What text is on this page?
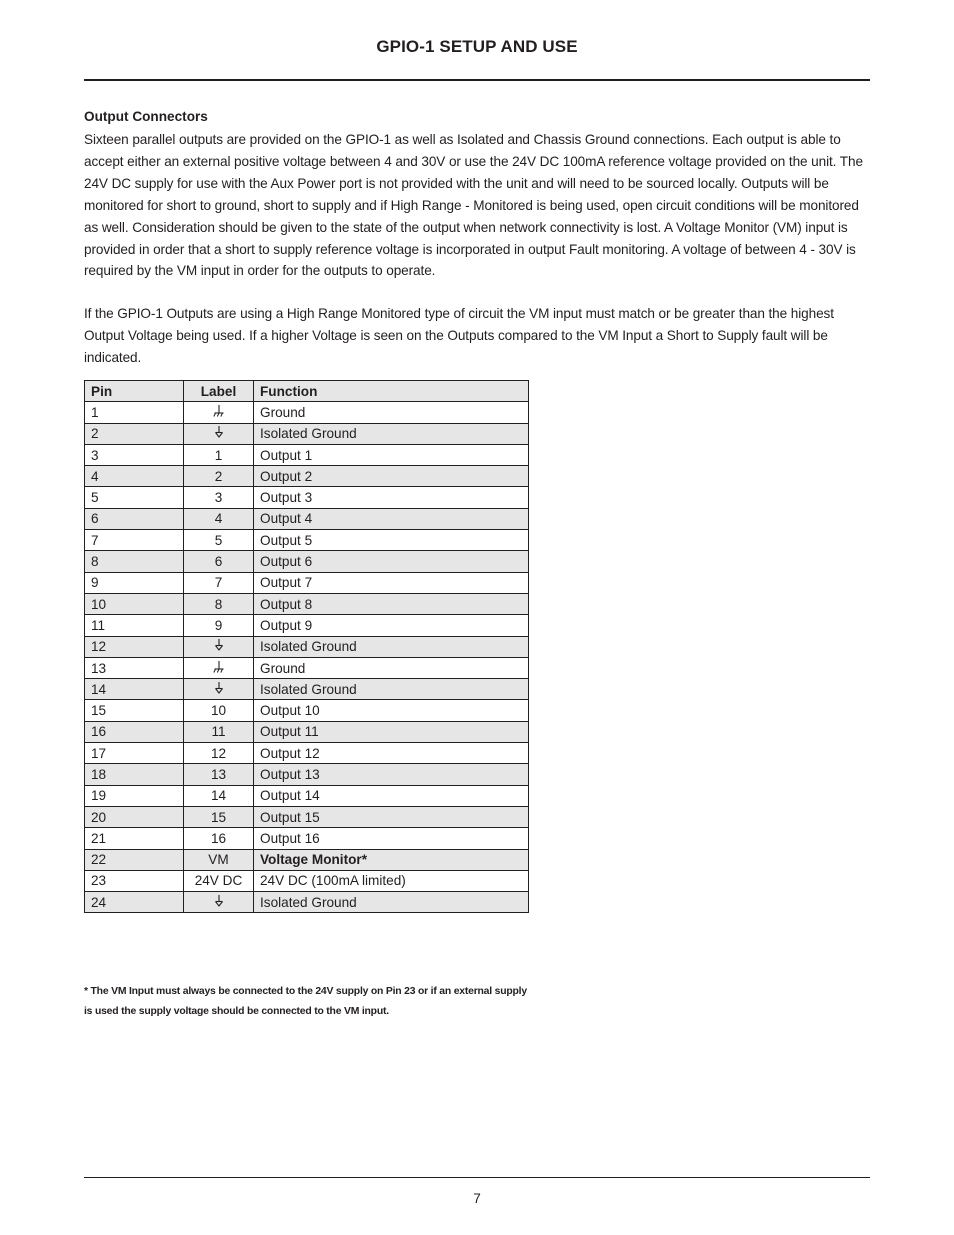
GPIO-1 SETUP AND USE
Output Connectors

Sixteen parallel outputs are provided on the GPIO-1 as well as Isolated and Chassis Ground connections. Each output is able to accept either an external positive voltage between 4 and 30V or use the 24V DC 100mA reference voltage provided on the unit. The 24V DC supply for use with the Aux Power port is not provided with the unit and will need to be sourced locally. Outputs will be monitored for short to ground, short to supply and if High Range - Monitored is being used, open circuit conditions will be monitored as well. Consideration should be given to the state of the output when network connectivity is lost. A Voltage Monitor (VM) input is provided in order that a short to supply reference voltage is incorporated in output Fault monitoring. A voltage of between 4 - 30V is required by the VM input in order for the outputs to operate.

If the GPIO-1 Outputs are using a High Range Monitored type of circuit the VM input must match or be greater than the highest Output Voltage being used. If a higher Voltage is seen on the Outputs compared to the VM Input a Short to Supply fault will be indicated.

Pin	Label	Function
1		Ground
2		Isolated Ground
3	1	Output 1
4	2	Output 2
5	3	Output 3
6	4	Output 4
7	5	Output 5
8	6	Output 6
9	7	Output 7
10	8	Output 8
11	9	Output 9
12		Isolated Ground
13		Ground
14		Isolated Ground
15	10	Output 10
16	11	Output 11
17	12	Output 12
18	13	Output 13
19	14	Output 14
20	15	Output 15
21	16	Output 16
22	VM	Voltage Monitor*
23	24V DC	24V DC (100mA limited)
24		Isolated Ground

* The VM Input must always be connected to the 24V supply on Pin 23 or if an external supply is used the supply voltage should be connected to the VM input.

7
